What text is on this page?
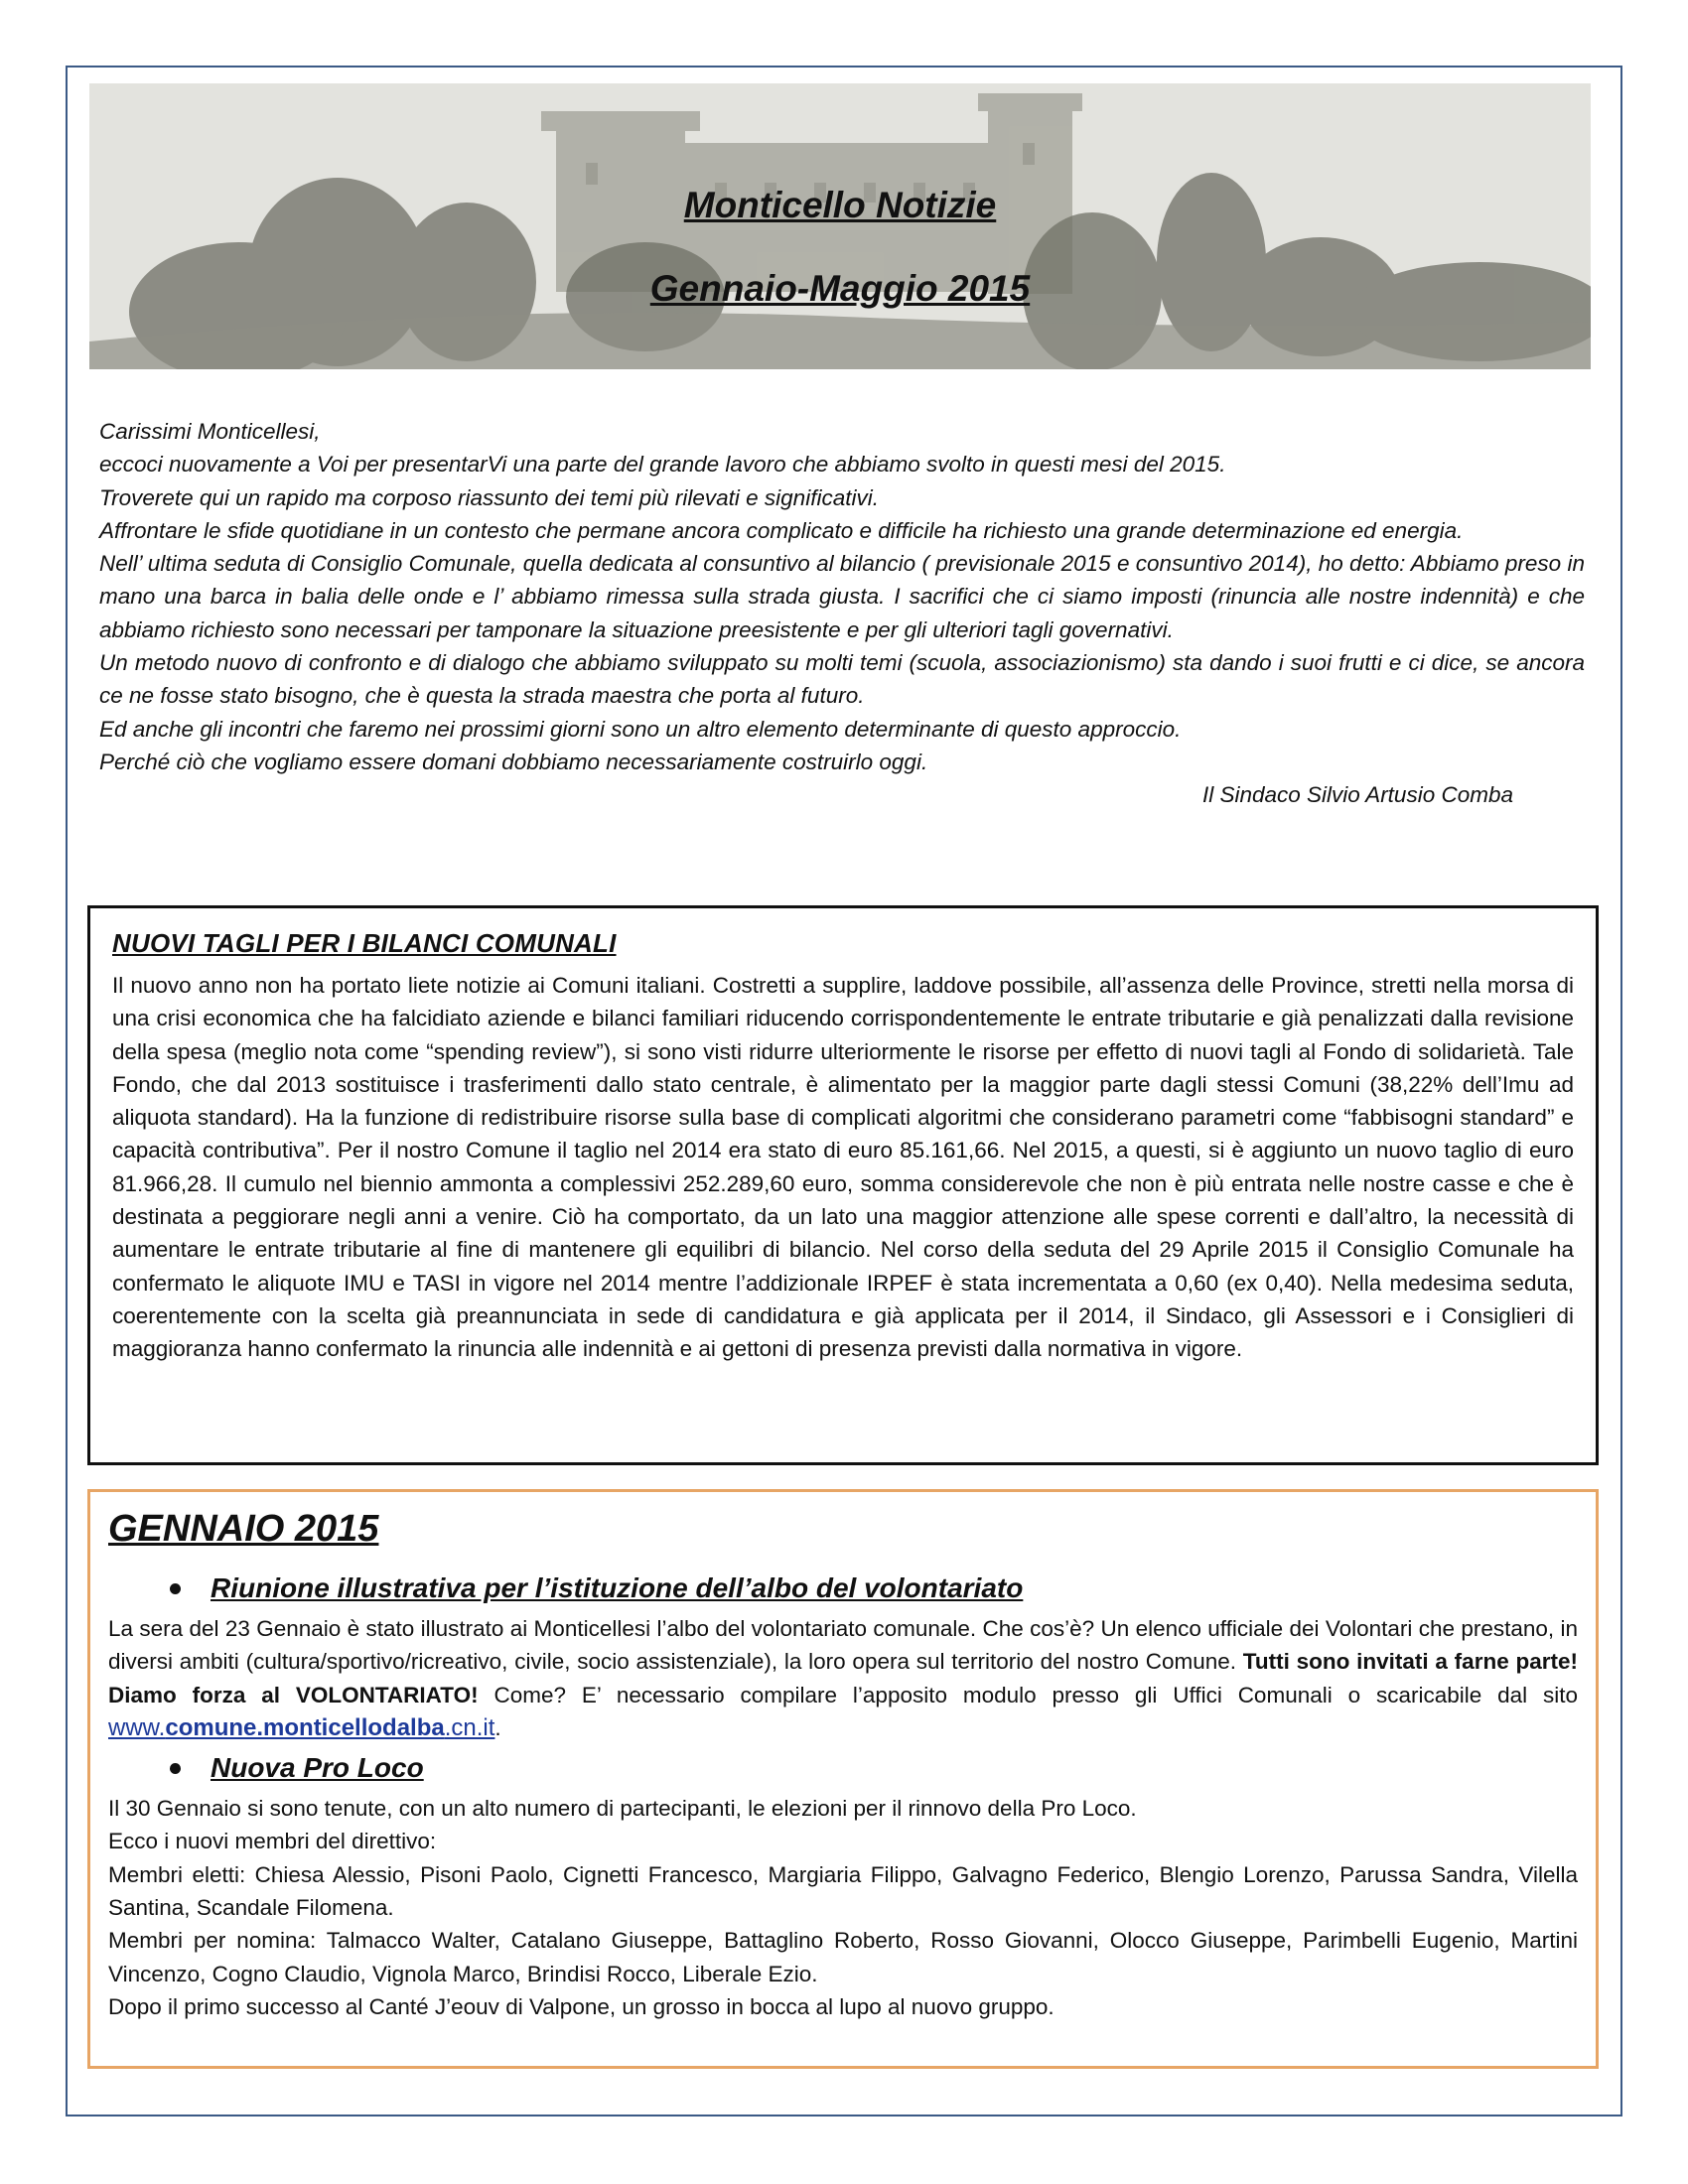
Monticello Notizie
Gennaio-Maggio 2015

Carissimi Monticellesi,

eccoci nuovamente a Voi per presentarVi una parte del grande lavoro che abbiamo svolto in questi mesi del 2015.

Troverete qui un rapido ma corposo riassunto dei temi più rilevati e significativi.

Affrontare le sfide quotidiane in un contesto che permane ancora complicato e difficile ha richiesto una grande determinazione ed energia.

Nell’ ultima seduta di Consiglio Comunale, quella dedicata al consuntivo al bilancio ( previsionale 2015 e consuntivo 2014), ho detto: Abbiamo preso in mano una barca in balia delle onde e l’ abbiamo rimessa sulla strada giusta. I sacrifici che ci siamo imposti (rinuncia alle nostre indennità) e che abbiamo richiesto sono necessari per tamponare la situazione preesistente e per gli ulteriori tagli governativi.

Un metodo nuovo di confronto e di dialogo che abbiamo sviluppato su molti temi (scuola, associazionismo) sta dando i suoi frutti e ci dice, se ancora ce ne fosse stato bisogno, che è questa la strada maestra che porta al futuro.

Ed anche gli incontri che faremo nei prossimi giorni sono un altro elemento determinante di questo approccio.

Perché ciò che vogliamo essere domani dobbiamo necessariamente costruirlo oggi.

Il Sindaco Silvio Artusio Comba

NUOVI TAGLI PER I BILANCI COMUNALI
Il nuovo anno non ha portato liete notizie ai Comuni italiani. Costretti a supplire, laddove possibile, all’assenza delle Province, stretti nella morsa di una crisi economica che ha falcidiato aziende e bilanci familiari riducendo corrispondentemente le entrate tributarie e già penalizzati dalla revisione della spesa (meglio nota come “spending review”), si sono visti ridurre ulteriormente le risorse per effetto di nuovi tagli al Fondo di solidarietà. Tale Fondo, che dal 2013 sostituisce i trasferimenti dallo stato centrale, è alimentato per la maggior parte dagli stessi Comuni (38,22% dell’Imu ad aliquota standard). Ha la funzione di redistribuire risorse sulla base di complicati algoritmi che considerano parametri come “fabbisogni standard” e capacità contributiva”. Per il nostro Comune il taglio nel 2014 era stato di euro 85.161,66. Nel 2015, a questi, si è aggiunto un nuovo taglio di euro 81.966,28. Il cumulo nel biennio ammonta a complessivi 252.289,60 euro, somma considerevole che non è più entrata nelle nostre casse e che è destinata a peggiorare negli anni a venire. Ciò ha comportato, da un lato una maggior attenzione alle spese correnti e dall’altro, la necessità di aumentare le entrate tributarie al fine di mantenere gli equilibri di bilancio. Nel corso della seduta del 29 Aprile 2015 il Consiglio Comunale ha confermato le aliquote IMU e TASI in vigore nel 2014 mentre l’addizionale IRPEF è stata incrementata a 0,60 (ex 0,40). Nella medesima seduta, coerentemente con la scelta già preannunciata in sede di candidatura e già applicata per il 2014, il Sindaco, gli Assessori e i Consiglieri di maggioranza hanno confermato la rinuncia alle indennità e ai gettoni di presenza previsti dalla normativa in vigore.
GENNAIO 2015
Riunione illustrativa per l’istituzione dell’albo del volontariato
La sera del 23 Gennaio è stato illustrato ai Monticellesi l’albo del volontariato comunale. Che cos’è? Un elenco ufficiale dei Volontari che prestano, in diversi ambiti (cultura/sportivo/ricreativo, civile, socio assistenziale), la loro opera sul territorio del nostro Comune. Tutti sono invitati a farne parte! Diamo forza al VOLONTARIATO! Come? E’ necessario compilare l’apposito modulo presso gli Uffici Comunali o scaricabile dal sito www.comune.monticellodalba.cn.it.
Nuova Pro Loco

Il 30 Gennaio si sono tenute, con un alto numero di partecipanti, le elezioni per il rinnovo della Pro Loco.

Ecco i nuovi membri del direttivo:

Membri eletti: Chiesa Alessio, Pisoni Paolo, Cignetti Francesco, Margiaria Filippo, Galvagno Federico, Blengio Lorenzo, Parussa Sandra, Vilella Santina, Scandale Filomena.

Membri per nomina: Talmacco Walter, Catalano Giuseppe, Battaglino Roberto, Rosso Giovanni, Olocco Giuseppe, Parimbelli Eugenio, Martini Vincenzo, Cogno Claudio, Vignola Marco, Brindisi Rocco, Liberale Ezio.

Dopo il primo successo al Canté J’eouv di Valpone, un grosso in bocca al lupo al nuovo gruppo.
